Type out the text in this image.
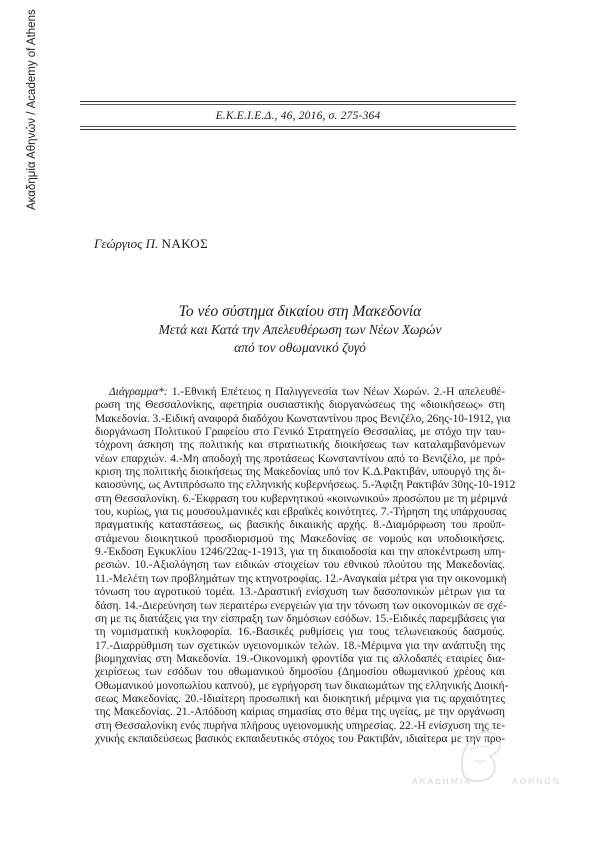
Ακαδημία Αθηνών / Academy of Athens	Ε.Κ.Ε.Ι.Ε.Δ., 46, 2016, σ. 275-364
Γεώργιος Π. ΝΑΚΟΣ
Το νέο σύστημα δικαίου στη Μακεδονία
Μετά και Κατά την Απελευθέρωση των Νέων Χωρών
από τον οθωμανικό ζυγό
Διάγραμμα*: 1.-Εθνική Επέτειος η Παλιγγενεσία των Νέων Χωρών. 2.-Η απελευθέ-
ρωση της Θεσσαλονίκης, αφετηρία ουσιαστικής διοργανώσεως της «διοικήσεως» στη
Μακεδονία. 3.-Ειδική αναφορά διαδόχου Κωνσταντίνου προς Βενιζέλο, 26ης-10-1912, για
διοργάνωση Πολιτικού Γραφείου στο Γενικό Στρατηγείο Θεσσαλίας, με στόχο την ταυ-
τόχρονη άσκηση της πολιτικής και στρατιωτικής διοικήσεως των καταλαμβανόμενων
νέων επαρχιών. 4.-Μη αποδοχή της προτάσεως Κωνσταντίνου από το Βενιζέλο, με πρό-
κριση της πολιτικής διοικήσεως της Μακεδονίας υπό τον Κ.Δ.Ρακτιβάν, υπουργό της δι-
καιοσύνης, ως Αντιπρόσωπο της ελληνικής κυβερνήσεως. 5.-Άφιξη Ρακτιβάν 30ης-10-1912
στη Θεσσαλονίκη. 6.-Έκφραση του κυβερνητικού «κοινωνικού» προσώπου με τη μέριμνά
του, κυρίως, για τις μουσουλμανικές και εβραϊκές κοινότητες. 7.-Τήρηση της υπάρχουσας
πραγματικής καταστάσεως, ως βασικής δικαιικής αρχής. 8.-Διαμόρφωση του προϋπ-
στάμενου διοικητικού προσδιορισμού της Μακεδονίας σε νομούς και υποδιοικήσεις.
9.-Έκδοση Εγκυκλίου 1246/22ας-1-1913, για τη δικαιοδοσία και την αποκέντρωση υπη-
ρεσιών. 10.-Αξιολόγηση των ειδικών στοιχείων του εθνικού πλούτου της Μακεδονίας.
11.-Μελέτη των προβλημάτων της κτηνοτροφίας. 12.-Αναγκαία μέτρα για την οικονομική
τόνωση του αγροτικού τομέα. 13.-Δραστική ενίσχυση των δασοπονικών μέτρων για τα
δάση. 14.-Διερεύνηση των περαιτέρω ενεργειών για την τόνωση των οικονομικών σε σχέ-
ση με τις διατάξεις για την είσπραξη των δημόσιων εσόδων. 15.-Ειδικές παρεμβάσεις για
τη νομισματική κυκλοφορία. 16.-Βασικές ρυθμίσεις για τους τελωνειακούς δασμούς.
17.-Διαρρύθμιση των σχετικών υγειονομικών τελών. 18.-Μέριμνα για την ανάπτυξη της
βιομηχανίας στη Μακεδονία. 19.-Οικονομική φροντίδα για τις αλλοδαπές εταιρίες δια-
χειρίσεως των εσόδων του οθωμανικού δημοσίου (Δημοσίου οθωμανικού χρέους και
Οθωμανικού μονοπωλίου καπνού), με εγρήγορση των δικαιωμάτων της ελληνικής Διοική-
σεως Μακεδονίας. 20.-Ιδιαίτερη προσωπική και διοικητική μέριμνα για τις αρχαιότητες
της Μακεδονίας. 21.-Απόδοση καίριας σημασίας στο θέμα της υγείας, με την οργάνωση
στη Θεσσαλονίκη ενός πυρήνα πλήρους υγειονομικής υπηρεσίας. 22.-Η ενίσχυση της τε-
χνικής εκπαιδεύσεως βασικός εκπαιδευτικός στόχος του Ρακτιβάν, ιδιαίτερα με την προ-
ΑΚΑΔΗΜΙΑ	ΑΘΗΝΩΝ
